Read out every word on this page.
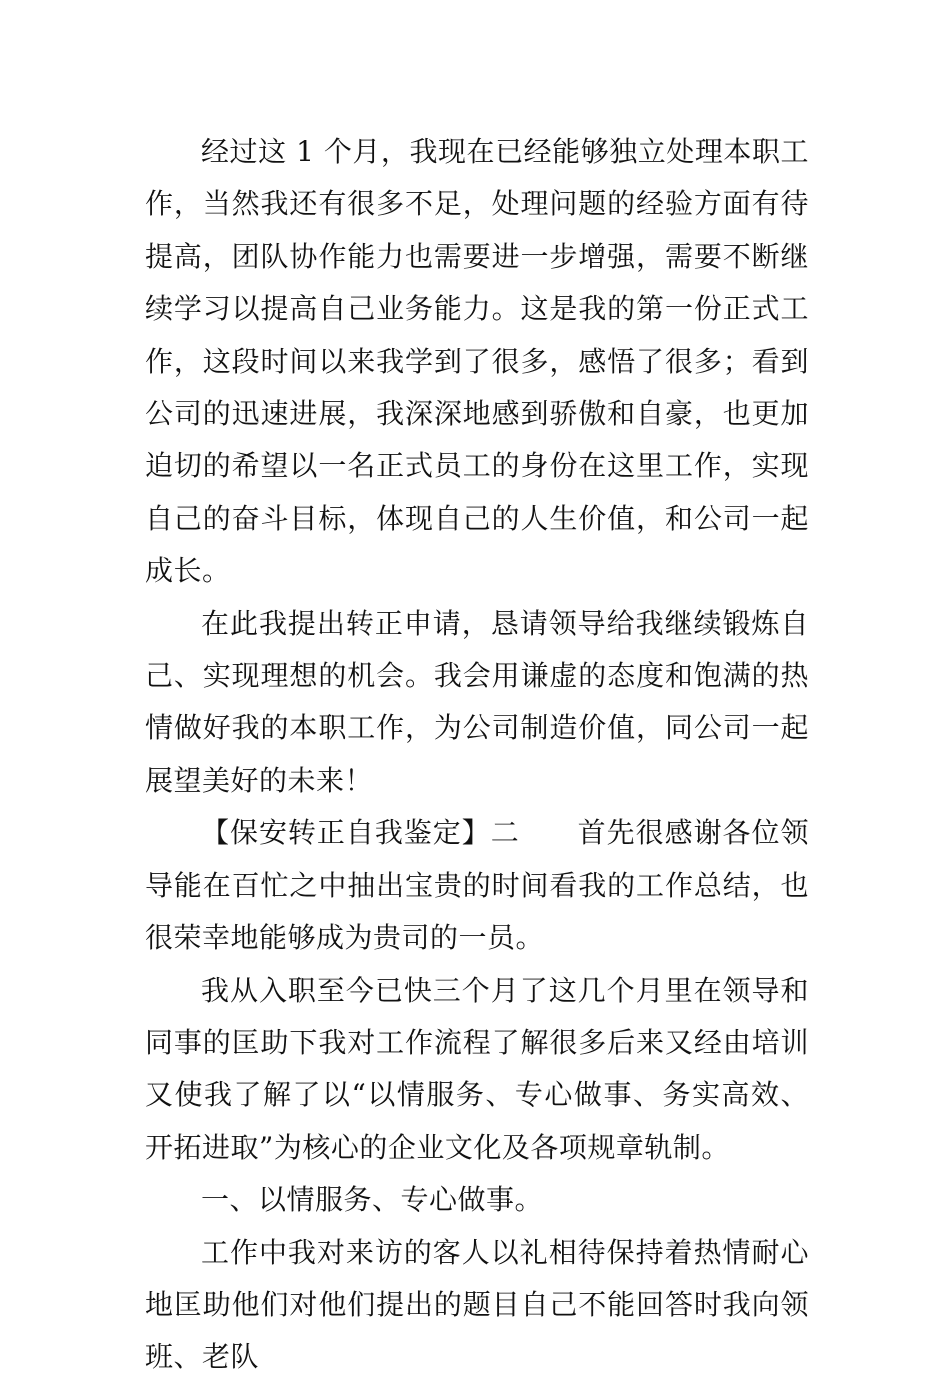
经过这 1 个月，我现在已经能够独立处理本职工作，当然我还有很多不足，处理问题的经验方面有待提高，团队协作能力也需要进一步增强，需要不断继续学习以提高自己业务能力。这是我的第一份正式工作，这段时间以来我学到了很多，感悟了很多；看到公司的迅速进展，我深深地感到骄傲和自豪，也更加迫切的希望以一名正式员工的身份在这里工作，实现自己的奋斗目标，体现自己的人生价值，和公司一起成长。

在此我提出转正申请，恳请领导给我继续锻炼自己、实现理想的机会。我会用谦虚的态度和饱满的热情做好我的本职工作，为公司制造价值，同公司一起展望美好的未来！

【保安转正自我鉴定】二　　首先很感谢各位领导能在百忙之中抽出宝贵的时间看我的工作总结，也很荣幸地能够成为贵司的一员。

我从入职至今已快三个月了这几个月里在领导和同事的匡助下我对工作流程了解很多后来又经由培训又使我了解了以“以情服务、专心做事、务实高效、开拓进取”为核心的企业文化及各项规章轨制。

一、以情服务、专心做事。

工作中我对来访的客人以礼相待保持着热情耐心地匡助他们对他们提出的题目自己不能回答时我向领班、老队
